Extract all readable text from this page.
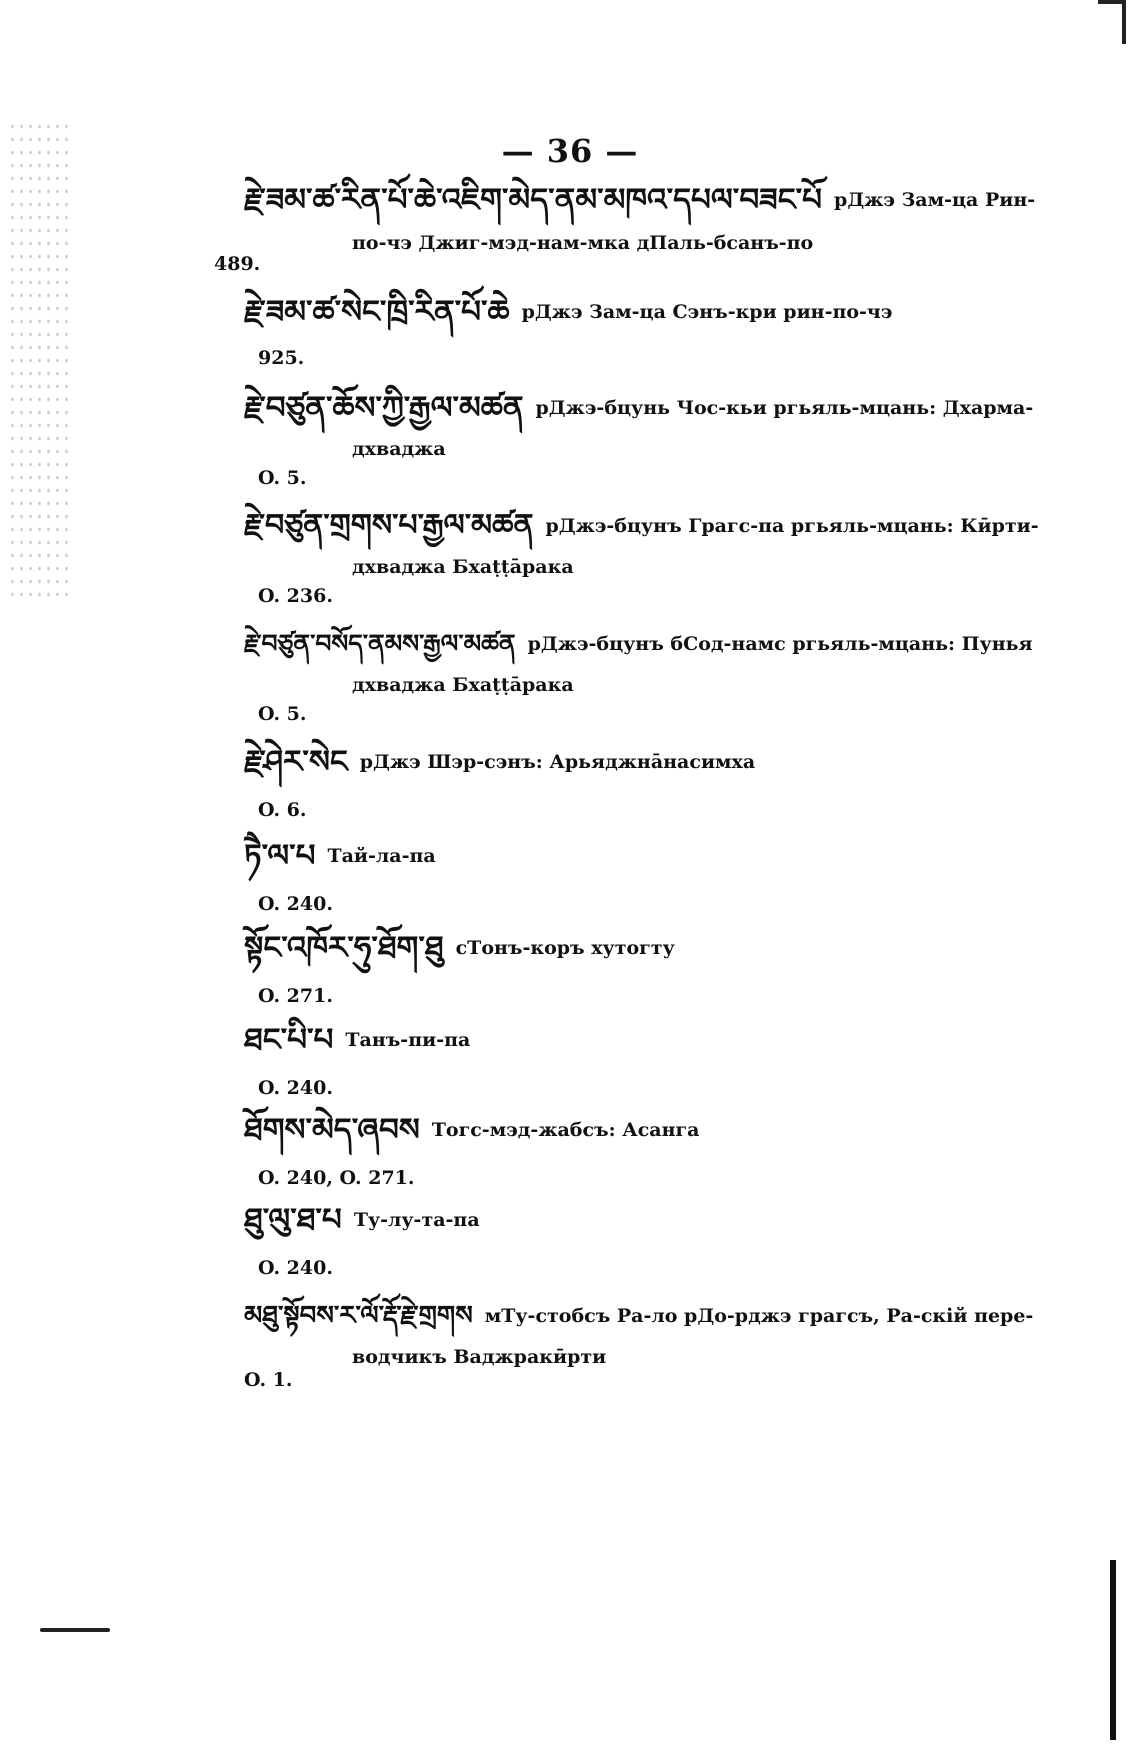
— 36 —
རྗེ་ཟམ་ཚ་རིན་པོ་ཆེ་འཇིག་མེད་ནམ་མཁའ་དཔལ་བཟང་པོ рДжэ Зам-ца Рин-
по-чэ Джиг-мэд-нам-мка дПаль-бсанъ-по
489.
རྗེ་ཟམ་ཚ་སེང་ཁྲི་རིན་པོ་ཆེ рДжэ Зам-ца Сэнъ-кри рин-по-чэ
925.
རྗེ་བཙུན་ཆོས་ཀྱི་རྒྱལ་མཚན рДжэ-бцунь Чос-кьи ргьяль-мцань: Дхарма-
дхваджа
O. 5.
རྗེ་བཙུན་གྲགས་པ་རྒྱལ་མཚན рДжэ-бцунъ Грагс-па ргьяль-мцань: Кӣрти-
дхваджа Бхаṭṭāрака
O. 236.
རྗེ་བཙུན་བསོད་ནམས་རྒྱལ་མཚན рДжэ-бцунъ бСод-намс ргьяль-мцань: Пунья
дхваджа Бхаṭṭāрака
O. 5.
རྗེ་ཤེར་སེང рДжэ Шэр-сэнъ: Арьяджнāнасимха
O. 6.
ཏཻ་ལ་པ Тай-ла-па
O. 240.
སྟོང་འཁོར་ཧུ་ཐོག་ཐུ сТонъ-коръ хутогту
O. 271.
ཐང་པི་པ Танъ-пи-па
O. 240.
ཐོགས་མེད་ཞབས Тогс-мэд-жабсъ: Асанга
O. 240, O. 271.
ཐུ་ལུ་ཐ་པ Ту-лу-та-па
O. 240.
མཐུ་སྟོབས་ར་ལོ་རྡོ་རྗེ་གྲགས мТу-стобсъ Ра-ло рДо-рджэ грагсъ, Ра-скій пере-
водчикъ Ваджракӣрти
O. 1.
